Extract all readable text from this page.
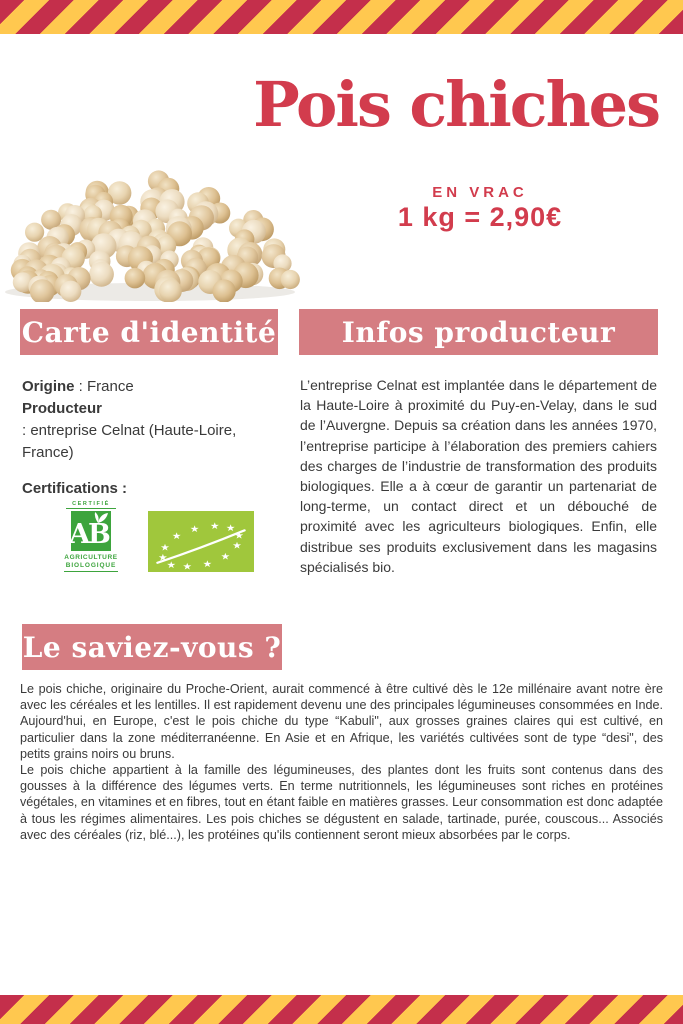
Pois chiches
EN VRAC
1 kg = 2,90€
Carte d'identité Infos producteur

Origine : France

Producteur

: entreprise Celnat (Haute-Loire, France)

Certifications :

L’entreprise Celnat est implantée dans le département de la Haute-Loire à proximité du Puy-en-Velay, dans le sud de l’Auvergne. Depuis sa création dans les années 1970, l’entreprise participe à l’élaboration des premiers cahiers des charges de l’industrie de transformation des produits biologiques. Elle a à cœur de garantir un partenariat de long-terme, un contact direct et un débouché de proximité avec les agriculteurs biologiques. Enfin, elle distribue ses produits exclusivement dans les magasins spécialisés bio.
CERTIFIÉ
AB
AGRICULTURE
BIOLOGIQUE
★
★
★
★
★
★
★
★
★
★ ★ ★
Le saviez-vous ?

Le pois chiche, originaire du Proche-Orient, aurait commencé à être cultivé dès le 12e millénaire avant notre ère avec les céréales et les lentilles. Il est rapidement devenu une des principales légumineuses consommées en Inde. Aujourd'hui, en Europe, c'est le pois chiche du type “Kabuli", aux grosses graines claires qui est cultivé, en particulier dans la zone méditerranéenne. En Asie et en Afrique, les variétés cultivées sont de type “desi", des petits grains noirs ou bruns.

Le pois chiche appartient à la famille des légumineuses, des plantes dont les fruits sont contenus dans des gousses à la différence des légumes verts. En terme nutritionnels, les légumineuses sont riches en protéines végétales, en vitamines et en fibres, tout en étant faible en matières grasses. Leur consommation est donc adaptée à tous les régimes alimentaires. Les pois chiches se dégustent en salade, tartinade, purée, couscous... Associés avec des céréales (riz, blé...), les protéines qu'ils contiennent seront mieux absorbées par le corps.
